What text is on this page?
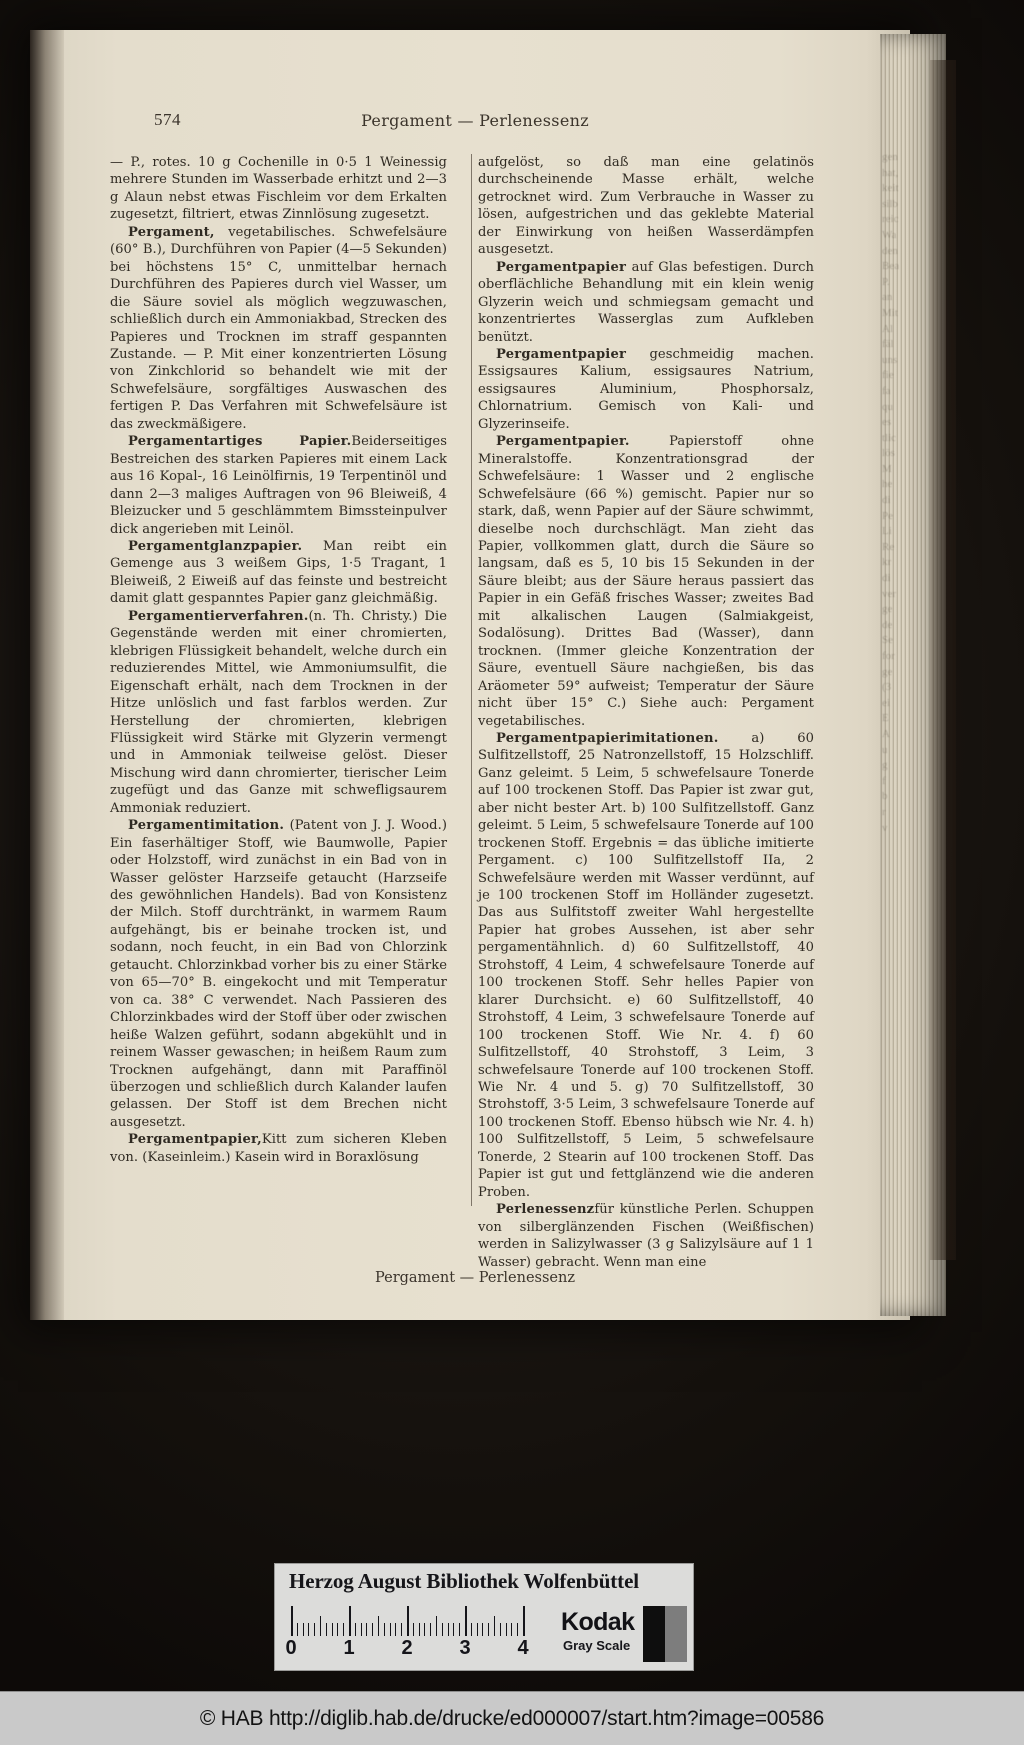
gen
hat,
keit
silb
reic
Wa
den
Bea
P.
an
Mit
Al
fäl
uns
fie
fa
qu
es
tlic
lös
M
he
di
Pe
Li
Re
kr
di
ver
ge
de
Se
for
ge
(3
ei
E
A
u
g
f
b
r
v
574	Pergament — Perlenessenz

— P., rotes. 10 g Cochenille in 0·5 1 Weinessig mehrere Stunden im Wasserbade erhitzt und 2—3 g Alaun nebst etwas Fischleim vor dem Erkalten zugesetzt, filtriert, etwas Zinnlösung zugesetzt.

Pergament, vegetabilisches. Schwefelsäure (60° B.), Durchführen von Papier (4—5 Sekunden) bei höchstens 15° C, unmittelbar hernach Durchführen des Papieres durch viel Wasser, um die Säure soviel als möglich wegzuwaschen, schließlich durch ein Ammoniakbad, Strecken des Papieres und Trocknen im straff gespannten Zustande. — P. Mit einer konzentrierten Lösung von Zinkchlorid so behandelt wie mit der Schwefelsäure, sorgfältiges Auswaschen des fertigen P. Das Verfahren mit Schwefelsäure ist das zweckmäßigere.

Pergamentartiges Papier.Beiderseitiges Bestreichen des starken Papieres mit einem Lack aus 16 Kopal-, 16 Leinölfirnis, 19 Terpentinöl und dann 2—3 maliges Auftragen von 96 Bleiweiß, 4 Bleizucker und 5 geschlämmtem Bimssteinpulver dick angerieben mit Leinöl.

Pergamentglanzpapier. Man reibt ein Gemenge aus 3 weißem Gips, 1·5 Tragant, 1 Bleiweiß, 2 Eiweiß auf das feinste und bestreicht damit glatt gespanntes Papier ganz gleichmäßig.

Pergamentierverfahren.(n. Th. Christy.) Die Gegenstände werden mit einer chromierten, klebrigen Flüssigkeit behandelt, welche durch ein reduzierendes Mittel, wie Ammoniumsulfit, die Eigenschaft erhält, nach dem Trocknen in der Hitze unlöslich und fast farblos werden. Zur Herstellung der chromierten, klebrigen Flüssigkeit wird Stärke mit Glyzerin vermengt und in Ammoniak teilweise gelöst. Dieser Mischung wird dann chromierter, tierischer Leim zugefügt und das Ganze mit schwefligsaurem Ammoniak reduziert.

Pergamentimitation. (Patent von J. J. Wood.) Ein faserhältiger Stoff, wie Baumwolle, Papier oder Holzstoff, wird zunächst in ein Bad von in Wasser gelöster Harzseife getaucht (Harzseife des gewöhnlichen Handels). Bad von Konsistenz der Milch. Stoff durchtränkt, in warmem Raum aufgehängt, bis er beinahe trocken ist, und sodann, noch feucht, in ein Bad von Chlorzink getaucht. Chlorzinkbad vorher bis zu einer Stärke von 65—70° B. eingekocht und mit Temperatur von ca. 38° C verwendet. Nach Passieren des Chlorzinkbades wird der Stoff über oder zwischen heiße Walzen geführt, sodann abgekühlt und in reinem Wasser gewaschen; in heißem Raum zum Trocknen aufgehängt, dann mit Paraffinöl überzogen und schließlich durch Kalander laufen gelassen. Der Stoff ist dem Brechen nicht ausgesetzt.

Pergamentpapier,Kitt zum sicheren Kleben von. (Kaseinleim.) Kasein wird in Boraxlösung

aufgelöst, so daß man eine gelatinös durchscheinende Masse erhält, welche getrocknet wird. Zum Verbrauche in Wasser zu lösen, aufgestrichen und das geklebte Material der Einwirkung von heißen Wasserdämpfen ausgesetzt.

Pergamentpapier auf Glas befestigen. Durch oberflächliche Behandlung mit ein klein wenig Glyzerin weich und schmiegsam gemacht und konzentriertes Wasserglas zum Aufkleben benützt.

Pergamentpapier geschmeidig machen. Essigsaures Kalium, essigsaures Natrium, essigsaures Aluminium, Phosphorsalz, Chlornatrium. Gemisch von Kali- und Glyzerinseife.

Pergamentpapier. Papierstoff ohne Mineralstoffe. Konzentrationsgrad der Schwefelsäure: 1 Wasser und 2 englische Schwefelsäure (66 %) gemischt. Papier nur so stark, daß, wenn Papier auf der Säure schwimmt, dieselbe noch durchschlägt. Man zieht das Papier, vollkommen glatt, durch die Säure so langsam, daß es 5, 10 bis 15 Sekunden in der Säure bleibt; aus der Säure heraus passiert das Papier in ein Gefäß frisches Wasser; zweites Bad mit alkalischen Laugen (Salmiakgeist, Sodalösung). Drittes Bad (Wasser), dann trocknen. (Immer gleiche Konzentration der Säure, eventuell Säure nachgießen, bis das Aräometer 59° aufweist; Temperatur der Säure nicht über 15° C.) Siehe auch: Pergament vegetabilisches.

Pergamentpapierimitationen. a) 60 Sulfitzellstoff, 25 Natronzellstoff, 15 Holzschliff. Ganz geleimt. 5 Leim, 5 schwefelsaure Tonerde auf 100 trockenen Stoff. Das Papier ist zwar gut, aber nicht bester Art. b) 100 Sulfitzellstoff. Ganz geleimt. 5 Leim, 5 schwefelsaure Tonerde auf 100 trockenen Stoff. Ergebnis = das übliche imitierte Pergament. c) 100 Sulfitzellstoff IIa, 2 Schwefelsäure werden mit Wasser verdünnt, auf je 100 trockenen Stoff im Holländer zugesetzt. Das aus Sulfitstoff zweiter Wahl hergestellte Papier hat grobes Aussehen, ist aber sehr pergamentähnlich. d) 60 Sulfitzellstoff, 40 Strohstoff, 4 Leim, 4 schwefelsaure Tonerde auf 100 trockenen Stoff. Sehr helles Papier von klarer Durchsicht. e) 60 Sulfitzellstoff, 40 Strohstoff, 4 Leim, 3 schwefelsaure Tonerde auf 100 trockenen Stoff. Wie Nr. 4. f) 60 Sulfitzellstoff, 40 Strohstoff, 3 Leim, 3 schwefelsaure Tonerde auf 100 trockenen Stoff. Wie Nr. 4 und 5. g) 70 Sulfitzellstoff, 30 Strohstoff, 3·5 Leim, 3 schwefelsaure Tonerde auf 100 trockenen Stoff. Ebenso hübsch wie Nr. 4. h) 100 Sulfitzellstoff, 5 Leim, 5 schwefelsaure Tonerde, 2 Stearin auf 100 trockenen Stoff. Das Papier ist gut und fettglänzend wie die anderen Proben.

Perlenessenzfür künstliche Perlen. Schuppen von silberglänzenden Fischen (Weißfischen) werden in Salizylwasser (3 g Salizylsäure auf 1 1 Wasser) gebracht. Wenn man eine

Pergament — Perlenessenz
Herzog August Bibliothek Wolfenbüttel
0 1 2 3 4
Kodak
Gray Scale
© HAB http://diglib.hab.de/drucke/ed000007/start.htm?image=00586
